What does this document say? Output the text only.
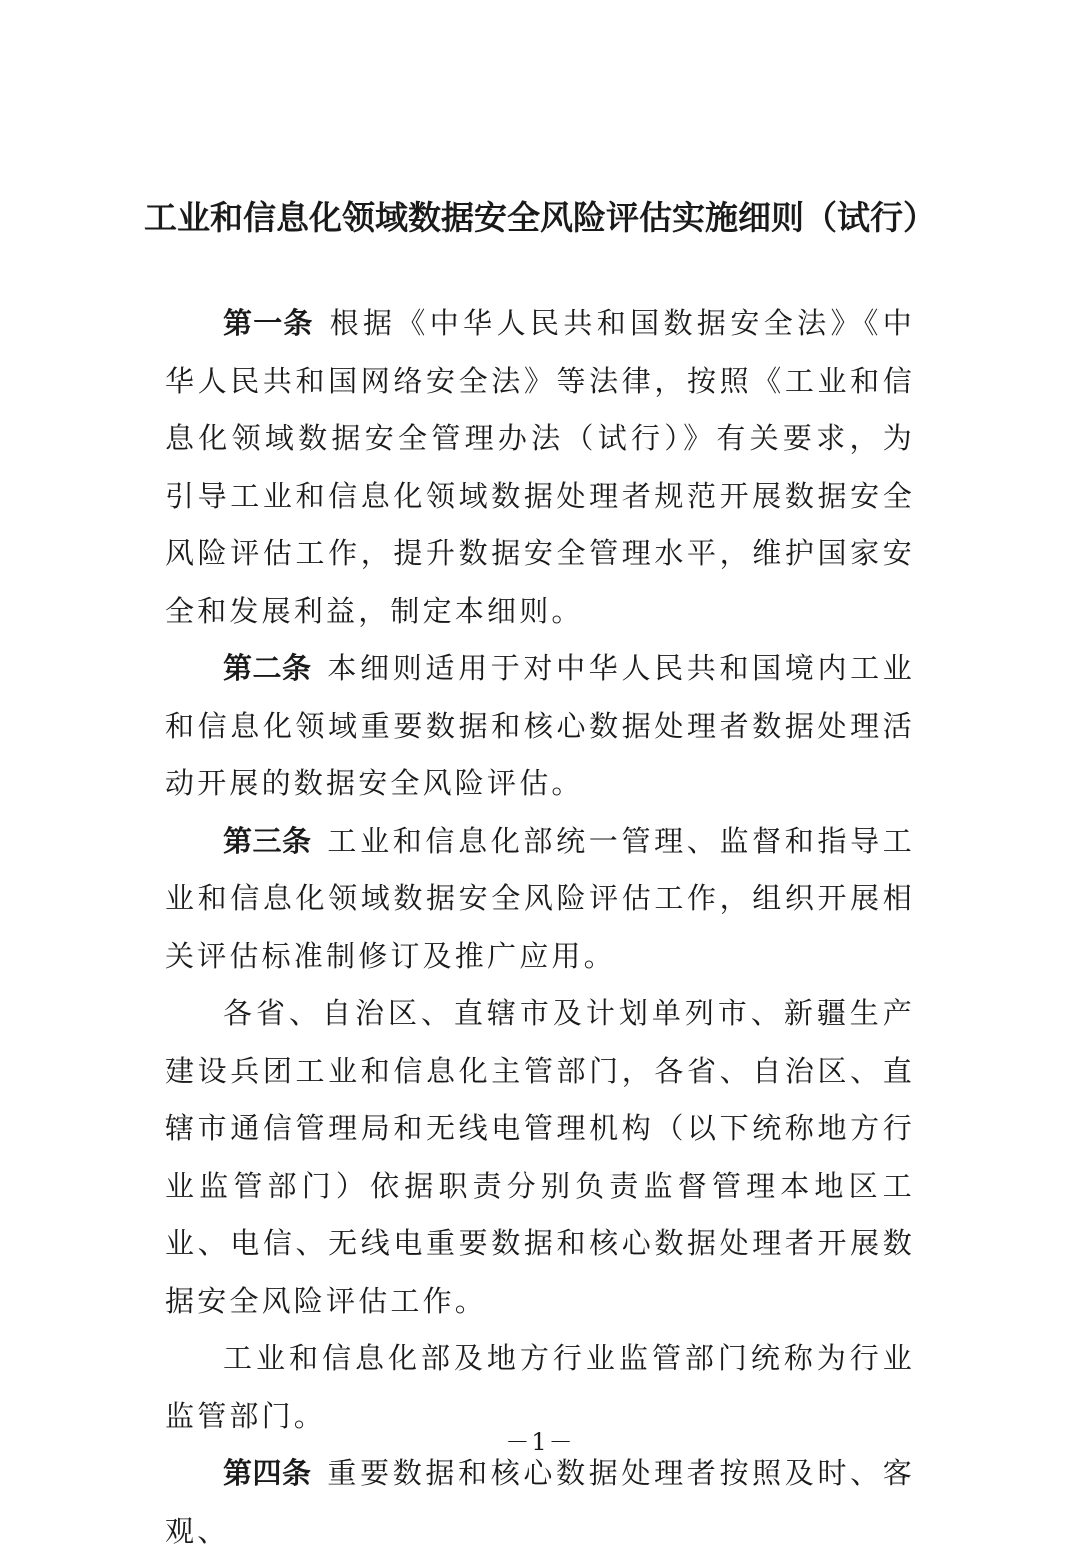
工业和信息化领域数据安全风险评估实施细则（试行）

第一条 根据《中华人民共和国数据安全法》《中华人民共和国网络安全法》等法律，按照《工业和信息化领域数据安全管理办法（试行）》有关要求，为引导工业和信息化领域数据处理者规范开展数据安全风险评估工作，提升数据安全管理水平，维护国家安全和发展利益，制定本细则。

第二条 本细则适用于对中华人民共和国境内工业和信息化领域重要数据和核心数据处理者数据处理活动开展的数据安全风险评估。

第三条 工业和信息化部统一管理、监督和指导工业和信息化领域数据安全风险评估工作，组织开展相关评估标准制修订及推广应用。

各省、自治区、直辖市及计划单列市、新疆生产建设兵团工业和信息化主管部门，各省、自治区、直辖市通信管理局和无线电管理机构（以下统称地方行业监管部门）依据职责分别负责监督管理本地区工业、电信、无线电重要数据和核心数据处理者开展数据安全风险评估工作。

工业和信息化部及地方行业监管部门统称为行业监管部门。

第四条 重要数据和核心数据处理者按照及时、客观、

－1－
